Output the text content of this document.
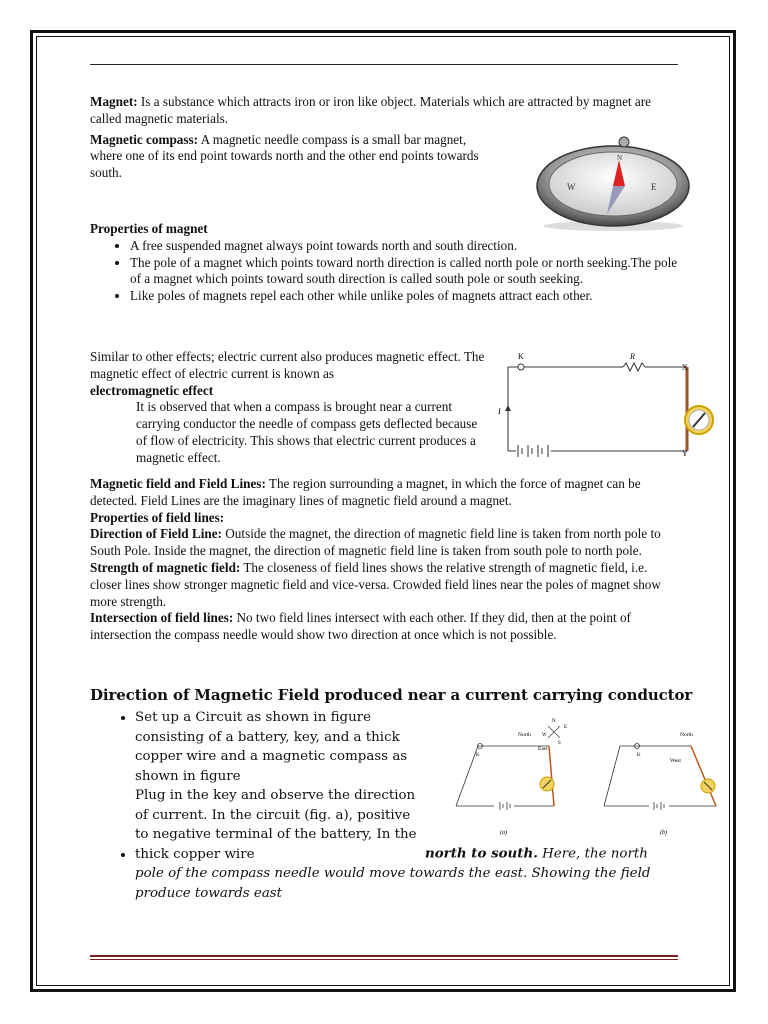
Magnet: Is a substance which attracts iron or iron like object. Materials which are attracted by magnet are called magnetic materials.

Magnetic compass: A magnetic needle compass is a small bar magnet, where one of its end point towards north and the other end points towards south.

W	E
N

Properties of magnet

• A free suspended magnet always point towards north and south direction.
• The pole of a magnet which points toward north direction is called north pole or north seeking.The pole of a magnet which points toward south direction is called south pole or south seeking.
• Like poles of magnets repel each other while unlike poles of magnets attract each other.

Similar to other effects; electric current also produces magnetic effect. The magnetic effect of electric current is known as
electromagnetic effect

It is observed that when a compass is brought near a current carrying conductor the needle of compass gets deflected because of flow of electricity. This shows that electric current produces a magnetic effect.

K	R
X
Y
I

Magnetic field and Field Lines: The region surrounding a magnet, in which the force of magnet can be detected. Field Lines are the imaginary lines of magnetic field around a magnet.

Properties of field lines:

Direction of Field Line: Outside the magnet, the direction of magnetic field line is taken from north pole to South Pole. Inside the magnet, the direction of magnetic field line is taken from south pole to north pole.

Strength of magnetic field: The closeness of field lines shows the relative strength of magnetic field, i.e. closer lines show stronger magnetic field and vice-versa. Crowded field lines near the poles of magnet show more strength.

Intersection of field lines: No two field lines intersect with each other. If they did, then at the point of intersection the compass needle would show two direction at once which is not possible.

Direction of Magnetic Field produced near a current carrying conductor
• Set up a Circuit as shown in figure consisting of a battery, key, and a thick copper wire and a magnetic compass as shown in figure
• Plug in the key and observe the direction of current. In the circuit (fig. a), positive to negative terminal of the battery, In the thick copper wire	north to south. Here, the north pole of the compass needle would move towards the east. Showing the field produce towards east
North
East
N
W
E
S
K
(a)
North
West
K
(b)
